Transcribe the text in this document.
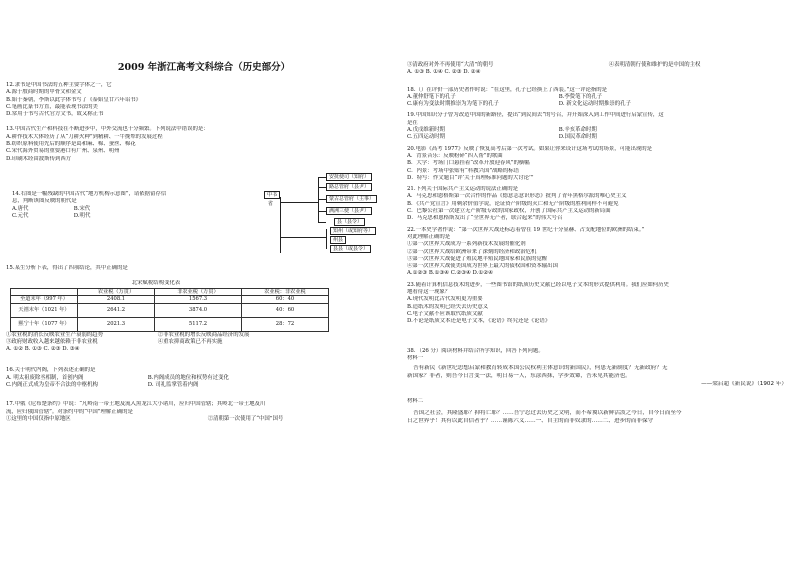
2009 年浙江高考文科综合（历史部分）
12.隶书是中国书法的五种主要字体之一，它
A.源于殷商时期的甲骨文和金文
B.始于秦朝，李斯以此字体书写了《泰始皇廿六年诏书》
C.笔画比篆书方直，最能表现书法的美
D.常用于书写古代官方文书，故又称正书
13.中国古代生产和科技在不断进步中，中外交流也十分频繁。下列说法中错误的是：
A.耕作技术大体经历了从“刀耕火种”到精耕、一牛挽犁的发展过程
B.纺织原料使用先后的顺序是葛和麻、棉、蚕丝、棉花
C.宋代海外贸易的重要港口有广州、泉州、明州
D.印刷术经由波斯传到西方
14.右图是一幅残缺的中国古代“地方机构示意图”，请依据留存信
息，判断该图反映的朝代是
A.唐代	B.宋代
C.元代	D.明代
中书
省
安抚使司（知府）
路总管府（县尹）
蒙古总管府（主事）
满洲三使（县尹）
县（县令）
知州（或知府等）
州县
县县（或县令）
15.某生分析下表，得出了四项结论，其中正确的是
北宋赋税结构变化表
	农业税（万贯）	非农业税（万贯）	农业税：非农业税
至道末年（997 年）	2408.1	1567.3	60：40
天禧末年（1021 年）	2641.2	3874.0	40：60
熙宁十年（1077 年）	2021.3	5117.2	28：72
①农业税的消长反映农业生产衰弱的趋势	②非农业税的增长反映商品经济的发展
③政府财政收入越来越依赖于非农业税	④重农抑商政策已不再实施
A. ①② B. ①③ C. ②③ D. ③④
16.关于明代内阁，下列表述正确的是
A. 明太祖废除丞相制，首创内阁	B.内阁成员的地位和权势有过变化
C.内阁正式成为皇帝不合法的中枢机构	D. 司礼监掌管着内阁
17.中俄《尼布楚条约》中说：“凡岭南一带土地及流入黑龙江大小诸川，应归中国管辖；其岭北一带土地及川
流，应归俄国管辖”。对条约中的“中国”理解正确的是
①这里的中国仅指中原地区	②清朝第一次使用了“中国”国号
③清政府对外不再使用“大清”的朝号	④表明清朝行使和维护的是中国的主权
A. ①③ B. ①④ C. ②③ D. ②④
18.（）在评价一部历史著作时说：“在这里，孔子已经换上了西装。”这一评论指的是
A.董仲舒笔下的孔子	B.李贽笔下的孔子
C.康有为变法时期推崇为为笔下的孔子	D. 新文化运动时期推崇的孔子
19.中国知识分子曾为改造中国的新路径，提出“到民间去”的号召，并开始深入到工作中间进行启蒙宣传，这
是在
A.戊戌维新时期	B.辛亥革命时期
C.五四运动时期	D.国民革命时期
20.电影《高考 1977》反映了恢复高考后第一次考试。如果让你来设计这场考试的场景，可能出现的是
A．背景音乐：反映粉碎“四人帮”的歌曲
B．大学：考场门口悬挂着“改革开放迎春风”的横幅
C．内景：考场中张贴有“科教兴国”战略的标语
D．特写：作文题目“评‘关于真理标准问题的大讨论’”
21.下列关于国际共产主义运动的说法正确的是
A．马克思和恩格斯第一次合作的作品《德意志意识形态》批判了青年黑格尔派的唯心史主义
B．《共产党宣言》用剩余价值学说，论证资产阶级的灭亡和无产阶级的胜利同样不可避免
C．巴黎公社第一次建立无产阶级专政的国家政权，开创了国际共产主义运动的新局面
D．马克思和恩格斯发出了“全世界无产者，联合起来”的伟大号召
22.一本史学著作说：“第一次世界大战还标志着曾在 19 世纪十分显赫、占支配地位的欧洲的结束。”
对此理解正确的是
①第一次世界大战成为一系列新技术发展的催化剂
②第一次世界大战给欧洲带来了深刻的经济和政治危机
③第一次世界大战促进了殖民地半殖民地国家和民族的觉醒
④第一次世界大战使美国成为世界上最大的债权国和资本输出国
A.①②③ B.①③④ C.②③④ D.①②④
23.随着计算机信息技术的进步，一些图书馆的纸质历史文献已经以电子文本的形式提供利用。我们应如何历史
地看待这一现象？
A.现代发明比古代发明更为重要
B.造纸术的发明已经失去历史意义
C.电子文献不应该取代纸质文献
D.不论是纸质文本还是电子文本，《论语》终究还是《论语》
38．（26 分）阅读材料并结合所学知识，回答下列问题。
材料一
吾有新民《新世纪思想启蒙和教育转成本国公民权利主体意识的新国民》，何患无新制度？无新政府？无
新国家？非者，则吾今日言变一法，明日易一人，东涂西抹，学步效颦，吾未见其能济也。
——梁启超《新民说》（1902 年）
材料二
吾国之社会，其隆盛耶？抑将亡耶？……吾宁忍过去历史之文明，而不希冀以新鲜活泼之今日，自今日而至今
日之世界乎！其有以此自信者乎？……谨陈六义……一、自主的而非奴隶的……二、进步的而非保守
